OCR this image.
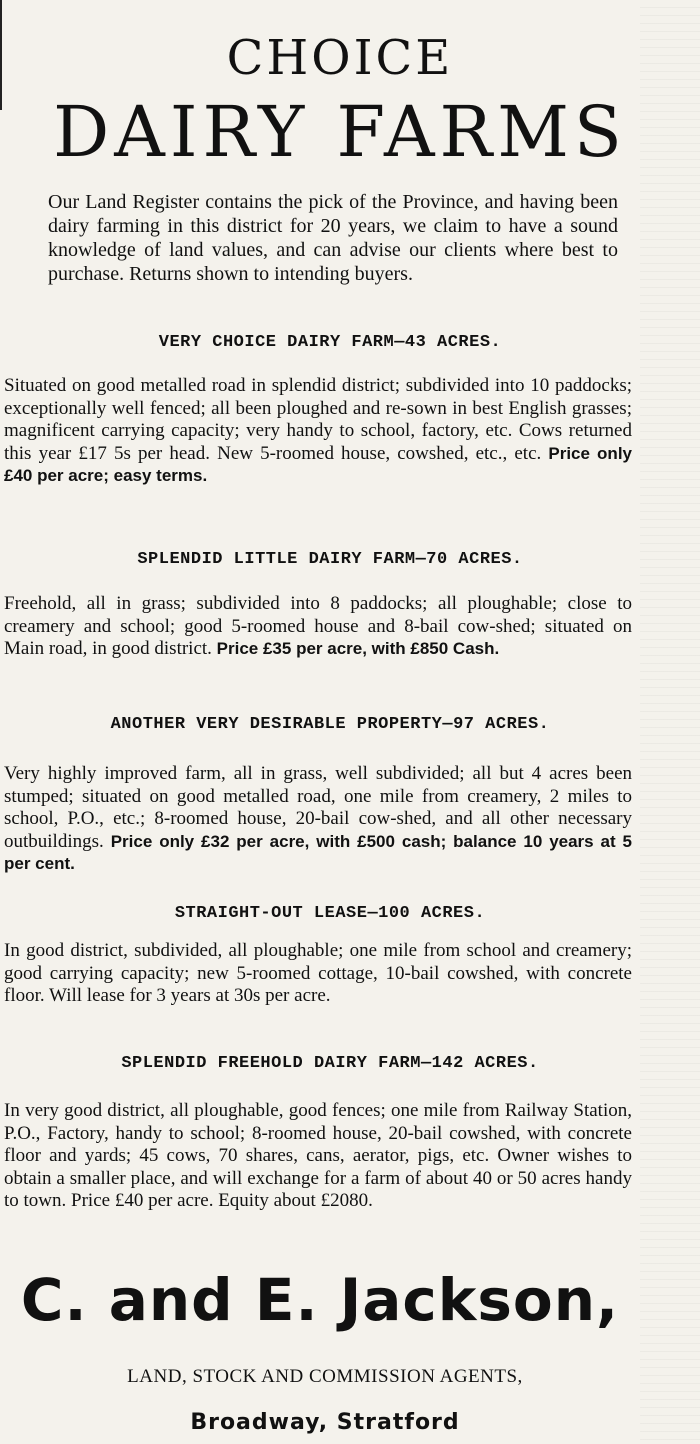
CHOICE
DAIRY FARMS
Our Land Register contains the pick of the Province, and having been dairy farming in this district for 20 years, we claim to have a sound knowledge of land values, and can advise our clients where best to purchase. Returns shown to intending buyers.
VERY CHOICE DAIRY FARM—43 ACRES.
Situated on good metalled road in splendid district; subdivided into 10 paddocks; exceptionally well fenced; all been ploughed and re-sown in best English grasses; magnificent carrying capacity; very handy to school, factory, etc. Cows returned this year £17 5s per head. New 5-roomed house, cowshed, etc., etc. Price only £40 per acre; easy terms.
SPLENDID LITTLE DAIRY FARM—70 ACRES.
Freehold, all in grass; subdivided into 8 paddocks; all ploughable; close to creamery and school; good 5-roomed house and 8-bail cow-shed; situated on Main road, in good district. Price £35 per acre, with £850 Cash.
ANOTHER VERY DESIRABLE PROPERTY—97 ACRES.
Very highly improved farm, all in grass, well subdivided; all but 4 acres been stumped; situated on good metalled road, one mile from creamery, 2 miles to school, P.O., etc.; 8-roomed house, 20-bail cow-shed, and all other necessary outbuildings. Price only £32 per acre, with £500 cash; balance 10 years at 5 per cent.
STRAIGHT-OUT LEASE—100 ACRES.
In good district, subdivided, all ploughable; one mile from school and creamery; good carrying capacity; new 5-roomed cottage, 10-bail cowshed, with concrete floor. Will lease for 3 years at 30s per acre.
SPLENDID FREEHOLD DAIRY FARM—142 ACRES.
In very good district, all ploughable, good fences; one mile from Railway Station, P.O., Factory, handy to school; 8-roomed house, 20-bail cowshed, with concrete floor and yards; 45 cows, 70 shares, cans, aerator, pigs, etc. Owner wishes to obtain a smaller place, and will exchange for a farm of about 40 or 50 acres handy to town. Price £40 per acre. Equity about £2080.
C. and E. Jackson,
LAND, STOCK AND COMMISSION AGENTS,
Broadway, Stratford
